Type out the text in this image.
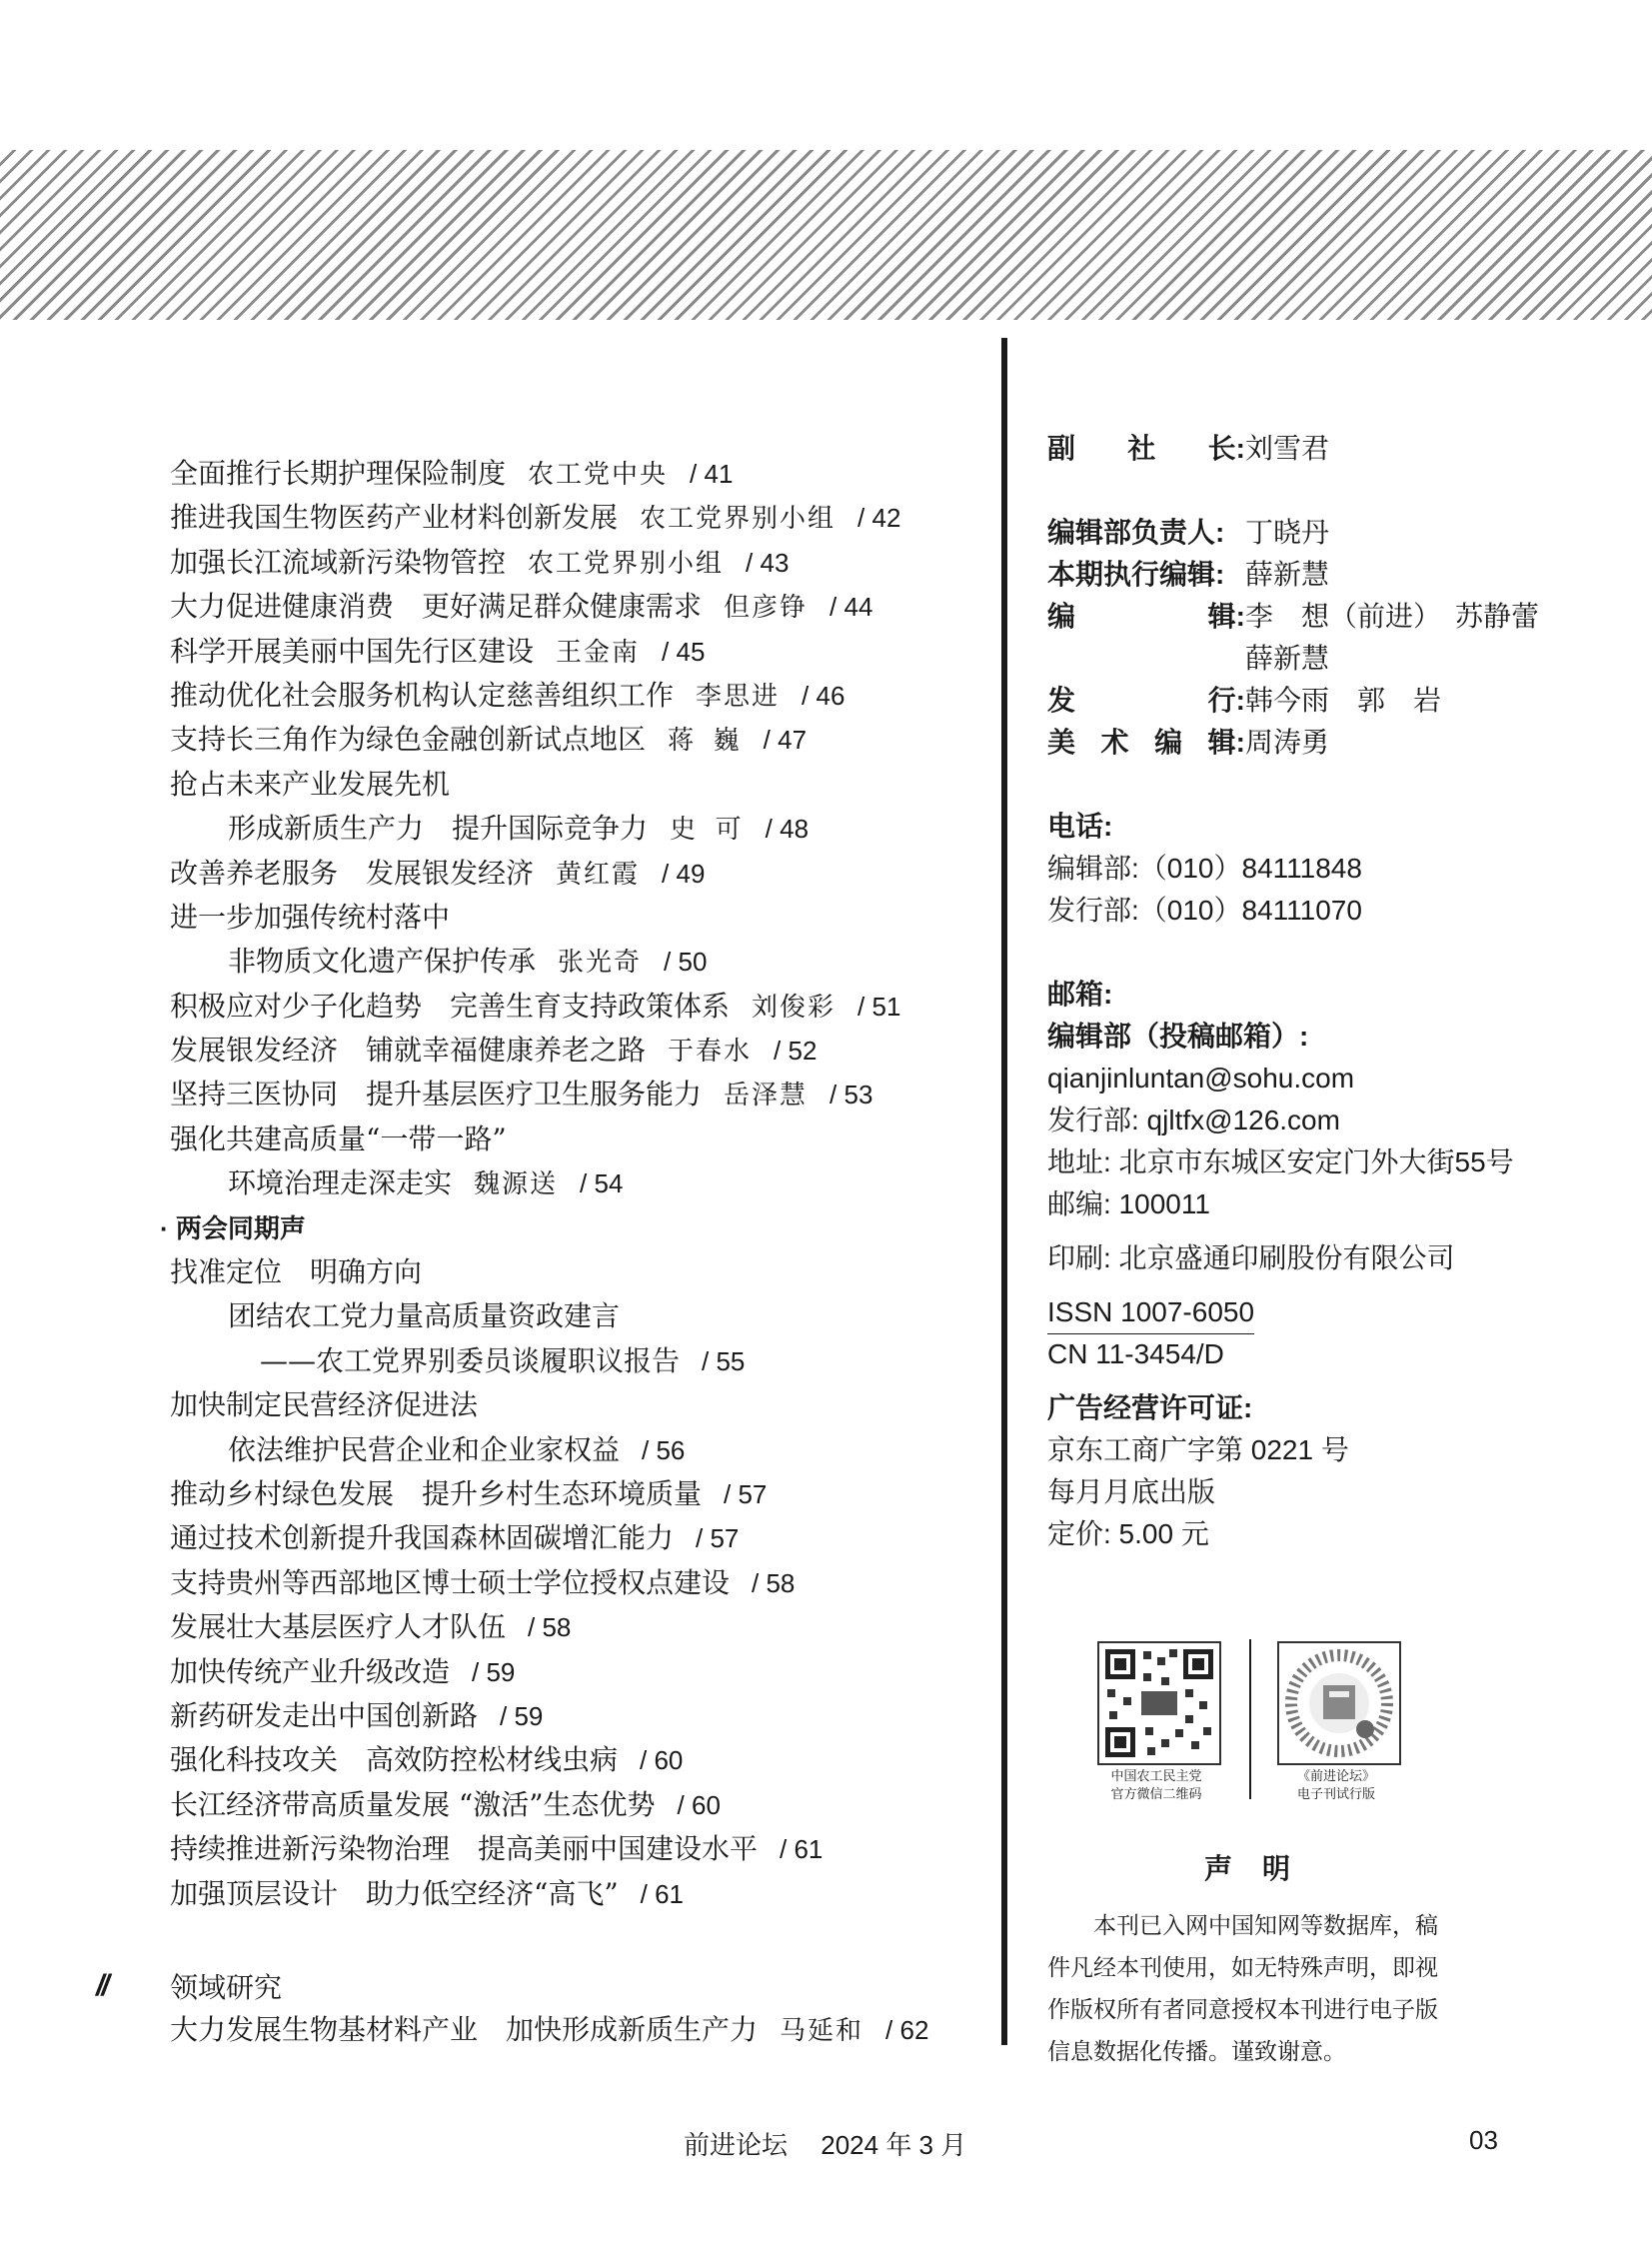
全面推行长期护理保险制度 农工党中央 / 41
推进我国生物医药产业材料创新发展 农工党界别小组 / 42
加强长江流域新污染物管控 农工党界别小组 / 43
大力促进健康消费　更好满足群众健康需求 但彦铮 / 44
科学开展美丽中国先行区建设 王金南 / 45
推动优化社会服务机构认定慈善组织工作 李思进 / 46
支持长三角作为绿色金融创新试点地区 蒋 巍 / 47
抢占未来产业发展先机
形成新质生产力　提升国际竞争力 史 可 / 48
改善养老服务　发展银发经济 黄红霞 / 49
进一步加强传统村落中
非物质文化遗产保护传承 张光奇 / 50
积极应对少子化趋势　完善生育支持政策体系 刘俊彩 / 51
发展银发经济　铺就幸福健康养老之路 于春水 / 52
坚持三医协同　提升基层医疗卫生服务能力 岳泽慧 / 53
强化共建高质量“一带一路”
环境治理走深走实 魏源送 / 54
· 两会同期声
找准定位　明确方向
团结农工党力量高质量资政建言
——农工党界别委员谈履职议报告 / 55
加快制定民营经济促进法
依法维护民营企业和企业家权益 / 56
推动乡村绿色发展　提升乡村生态环境质量 / 57
通过技术创新提升我国森林固碳增汇能力 / 57
支持贵州等西部地区博士硕士学位授权点建设 / 58
发展壮大基层医疗人才队伍 / 58
加快传统产业升级改造 / 59
新药研发走出中国创新路 / 59
强化科技攻关　高效防控松材线虫病 / 60
长江经济带高质量发展 “激活”生态优势 / 60
持续推进新污染物治理　提高美丽中国建设水平 / 61
加强顶层设计　助力低空经济“高飞” / 61
//	领域研究
大力发展生物基材料产业　加快形成新质生产力 马延和 / 62
副 社 长: 刘雪君
编辑部负责人: 丁晓丹
本期执行编辑: 薛新慧
编	辑: 李　想（前进）　苏静蕾
薛新慧
发	行: 韩今雨　郭　岩
美 术 编 辑: 周涛勇
电话:
编辑部:（010）84111848
发行部:（010）84111070
邮箱:
编辑部（投稿邮箱）:
qianjinluntan@sohu.com
发行部: qjltfx@126.com
地址: 北京市东城区安定门外大街55号
邮编: 100011
印刷: 北京盛通印刷股份有限公司
ISSN 1007-6050
CN 11-3454/D
广告经营许可证:
京东工商广字第 0221 号
每月月底出版
定价: 5.00 元
中国农工民主党
官方微信二维码
《前进论坛》
电子刊试行版
声明
本刊已入网中国知网等数据库，稿件凡经本刊使用，如无特殊声明，即视作版权所有者同意授权本刊进行电子版信息数据化传播。谨致谢意。
前进论坛　 2024 年 3 月	03
